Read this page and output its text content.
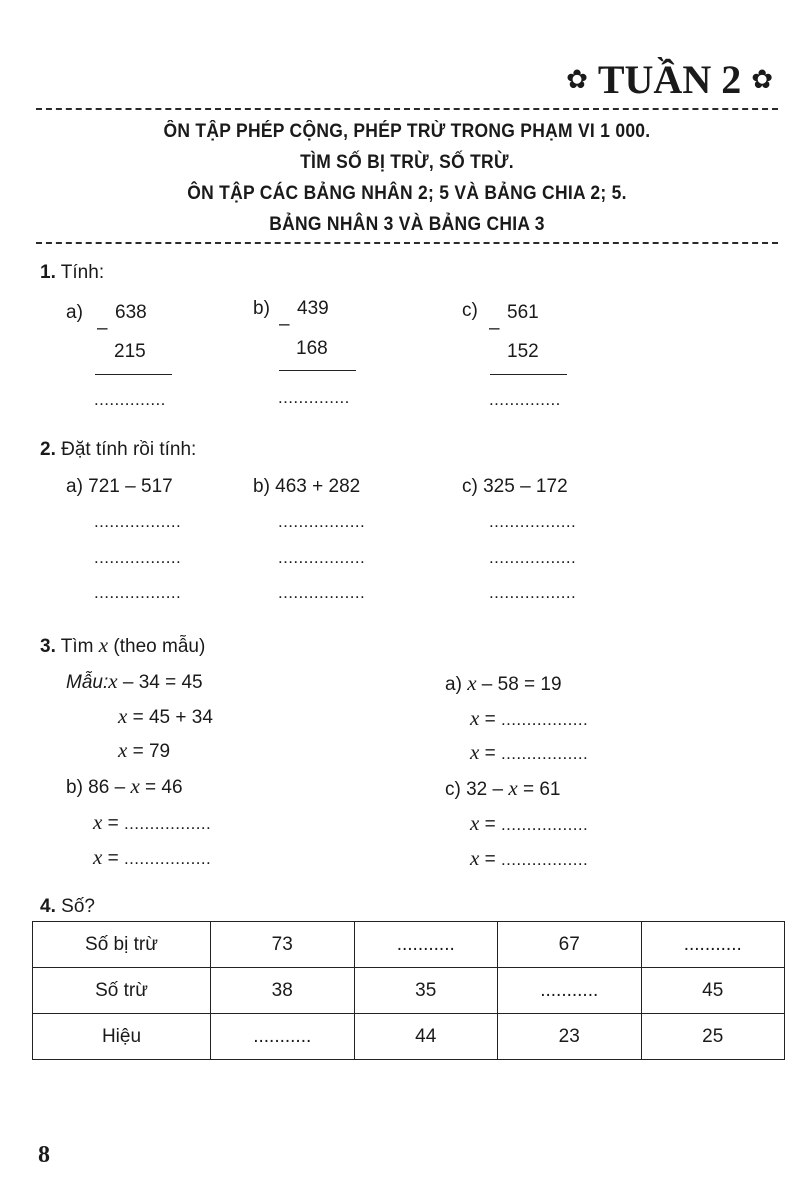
✿ TUẦN 2 ✿
ÔN TẬP PHÉP CỘNG, PHÉP TRỪ TRONG PHẠM VI 1 000.
TÌM SỐ BỊ TRỪ, SỐ TRỪ.
ÔN TẬP CÁC BẢNG NHÂN 2; 5 VÀ BẢNG CHIA 2; 5.
BẢNG NHÂN 3 VÀ BẢNG CHIA 3
1. Tính:
a) 638
–
215
..............
b) 439
–
168
..............
c) 561
–
152
..............
2. Đặt tính rồi tính:
a) 721 – 517	b) 463 + 282	c) 325 – 172
.................
.................
.................
.................
.................
.................
.................
.................
.................
3. Tìm x (theo mẫu)
Mẫu:x – 34 = 45
x = 45 + 34
x = 79
a) x – 58 = 19
x = .................
x = .................
b) 86 – x = 46
x = .................
x = .................
c) 32 – x = 61
x = .................
x = .................
4. Số?
Số bị trừ	73	...........	67	...........
Số trừ	38	35	...........	45
Hiệu	...........	44	23	25
8
